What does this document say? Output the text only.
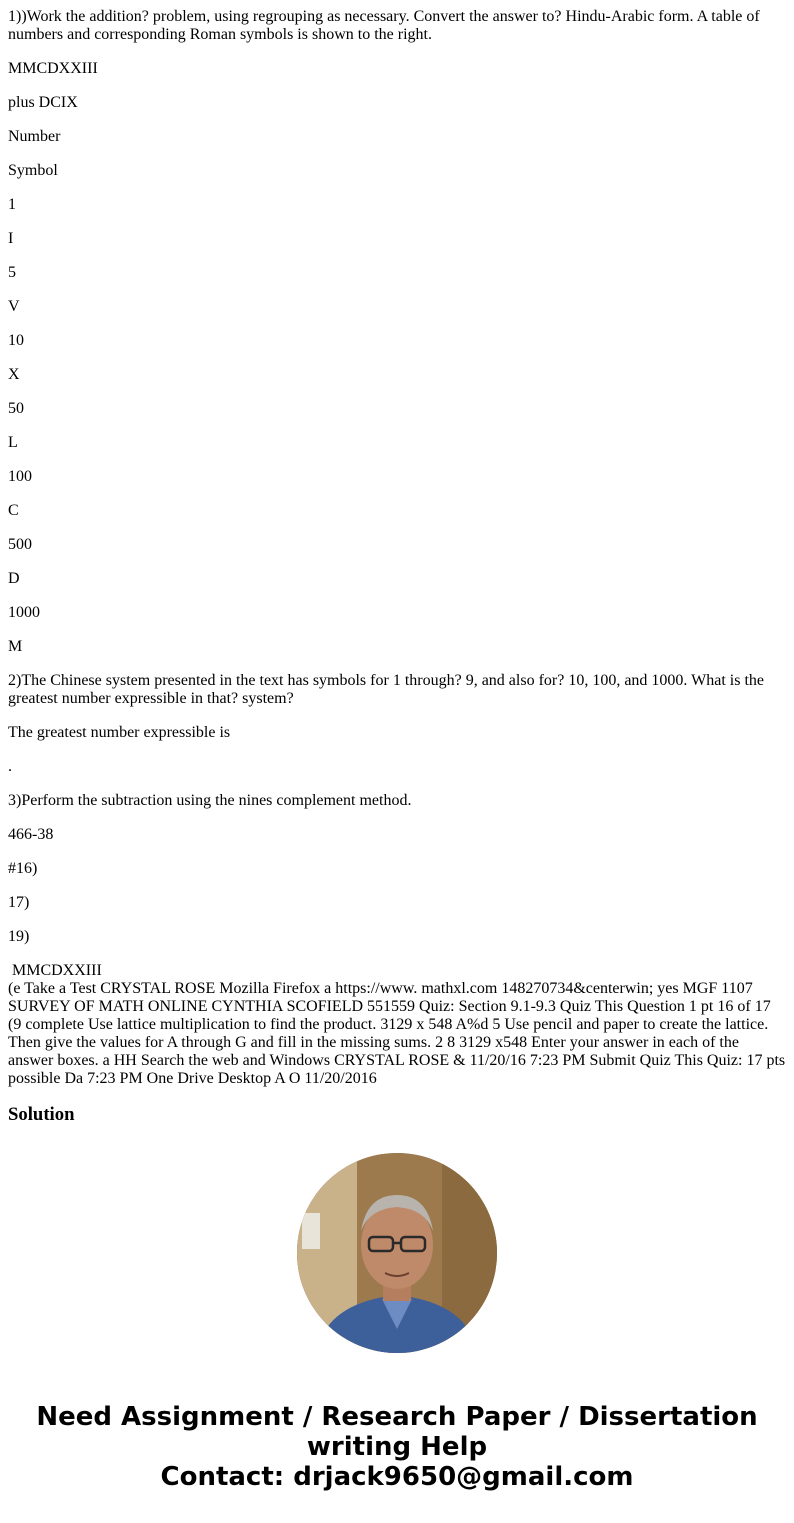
1))Work the addition? problem, using regrouping as necessary. Convert the answer to? Hindu-Arabic form. A table of numbers and corresponding Roman symbols is shown to the right.

MMCDXXIII

plus DCIX

Number

Symbol

1

I

5

V

10

X

50

L

100

C

500

D

1000

M

2)The Chinese system presented in the text has symbols for 1 through? 9, and also for? 10, 100, and 1000. What is the greatest number expressible in that? system?

The greatest number expressible is

.

3)Perform the subtraction using the nines complement method.

466-38

#16)

17)

19)

MMCDXXIII

(e Take a Test CRYSTAL ROSE Mozilla Firefox a https://www. mathxl.com 148270734&centerwin; yes MGF 1107 SURVEY OF MATH ONLINE CYNTHIA SCOFIELD 551559 Quiz: Section 9.1-9.3 Quiz This Question 1 pt 16 of 17 (9 complete Use lattice multiplication to find the product. 3129 x 548 A%d 5 Use pencil and paper to create the lattice. Then give the values for A through G and fill in the missing sums. 2 8 3129 x548 Enter your answer in each of the answer boxes. a HH Search the web and Windows CRYSTAL ROSE & 11/20/16 7:23 PM Submit Quiz This Quiz: 17 pts possible Da 7:23 PM One Drive Desktop A O 11/20/2016

Solution
Need Assignment / Research Paper / Dissertation
writing Help
Contact: drjack9650@gmail.com
